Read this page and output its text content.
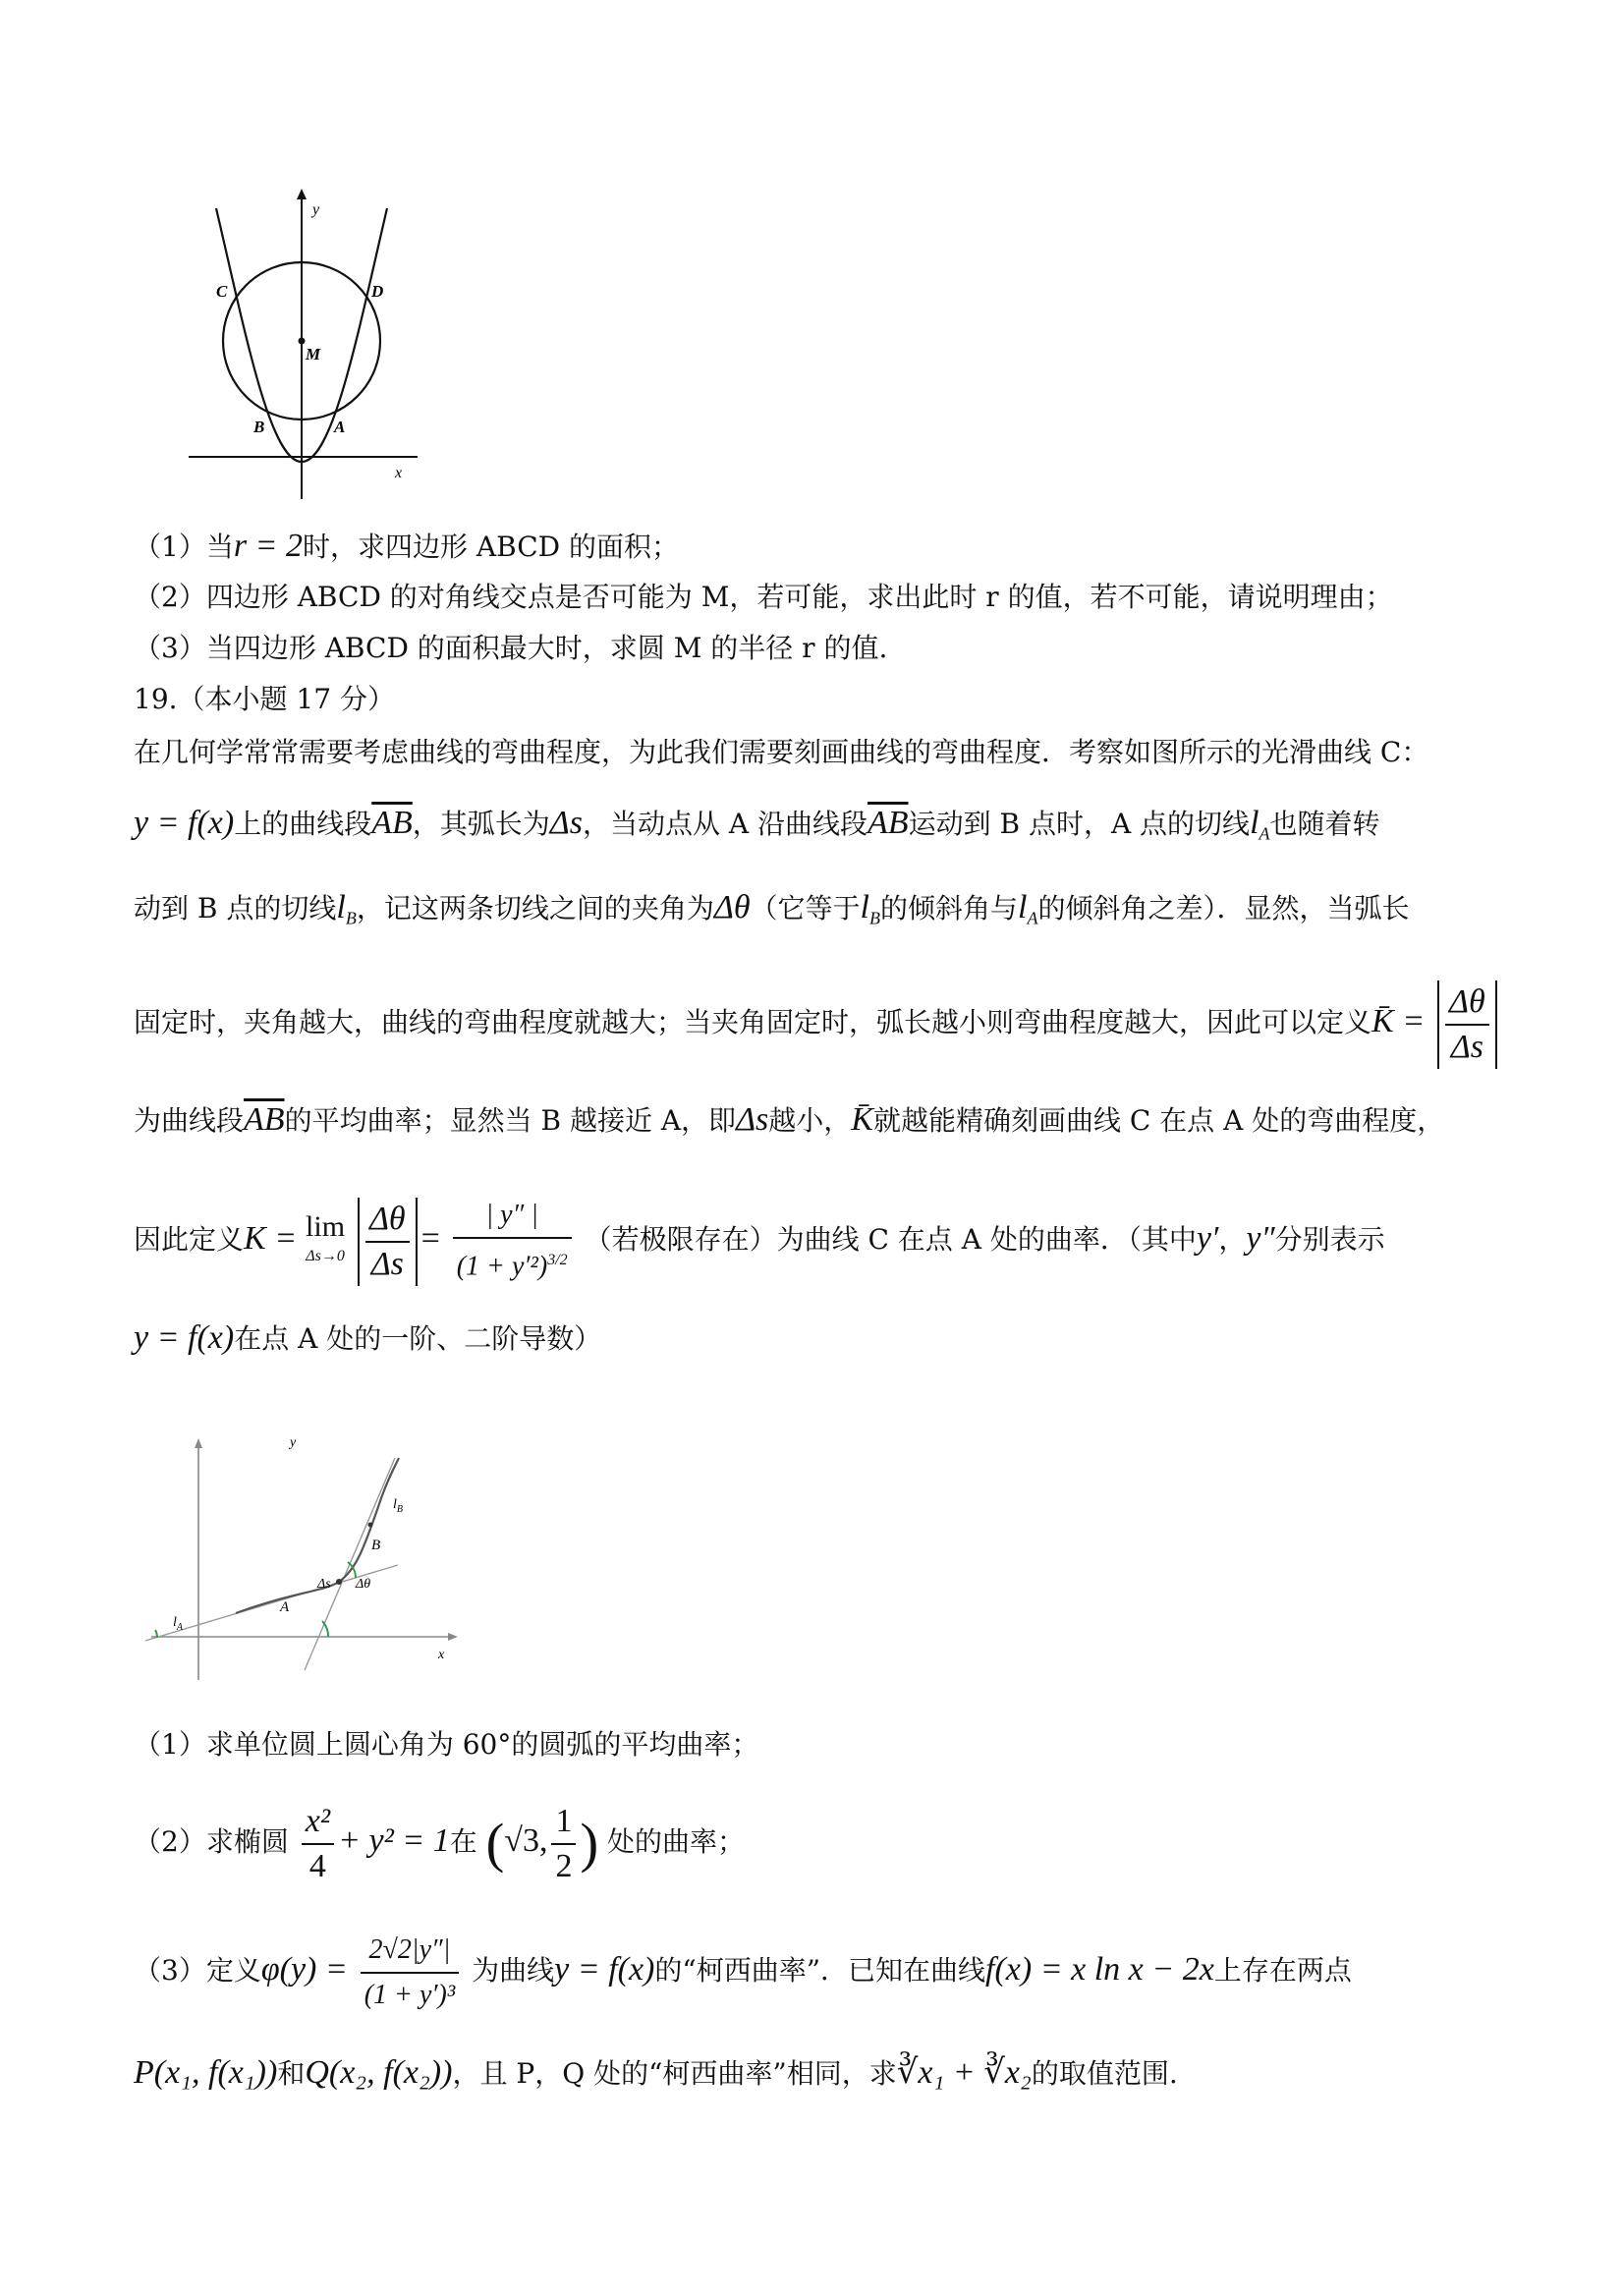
y
x
C	D
M
B	A
（1）当r = 2时，求四边形 ABCD 的面积；
（2）四边形 ABCD 的对角线交点是否可能为 M，若可能，求出此时 r 的值，若不可能，请说明理由；
（3）当四边形 ABCD 的面积最大时，求圆 M 的半径 r 的值.
19.（本小题 17 分）
在几何学常常需要考虑曲线的弯曲程度，为此我们需要刻画曲线的弯曲程度．考察如图所示的光滑曲线 C：
y = f(x)上的曲线段$\overline{AB}$，其弧长为Δs，当动点从 A 沿曲线段$\overline{AB}$运动到 B 点时，A 点的切线$l_A$也随着转
动到 B 点的切线$l_B$，记这两条切线之间的夹角为Δθ（它等于$l_B$的倾斜角与$l_A$的倾斜角之差）．显然，当弧长
固定时，夹角越大，曲线的弯曲程度就越大；当夹角固定时，弧长越小则弯曲程度越大，因此可以定义K̄ = $\frac{\Delta\theta}{\Delta s}$
为曲线段$\overline{AB}$的平均曲率；显然当 B 越接近 A，即Δs越小，K̄就越能精确刻画曲线 C 在点 A 处的弯曲程度，
因此定义K = lim
Δs→0
$\frac{\Delta\theta}{\Delta s} = \frac{| y'' |}{(1 + y'^2)^{3/2}}$ （若极限存在）为曲线 C 在点 A 处的曲率．（其中y′，y″分别表示
y = f(x)在点 A 处的一阶、二阶导数）
y
x
$l_B$
$l_A$
B
A
Δs Δθ
（1）求单位圆上圆心角为 60°的圆弧的平均曲率；
（2）求椭圆 $\frac{\text{x²}}{4} + y^2 = 1$在 (√3, $\frac{1}{2}$ ) 处的曲率；
（3）定义$\varphi(y) = \frac{2√2|y''|}{\text{(1 + y′)³}}$ 为曲线y = f(x)的“柯西曲率”．已知在曲线f(x) = x ln x − 2x上存在两点
P(x₁, f(x₁))和Q(x₂, f(x₂))，且 P，Q 处的“柯西曲率”相同，求∛x₁ + ∛x₂的取值范围.
